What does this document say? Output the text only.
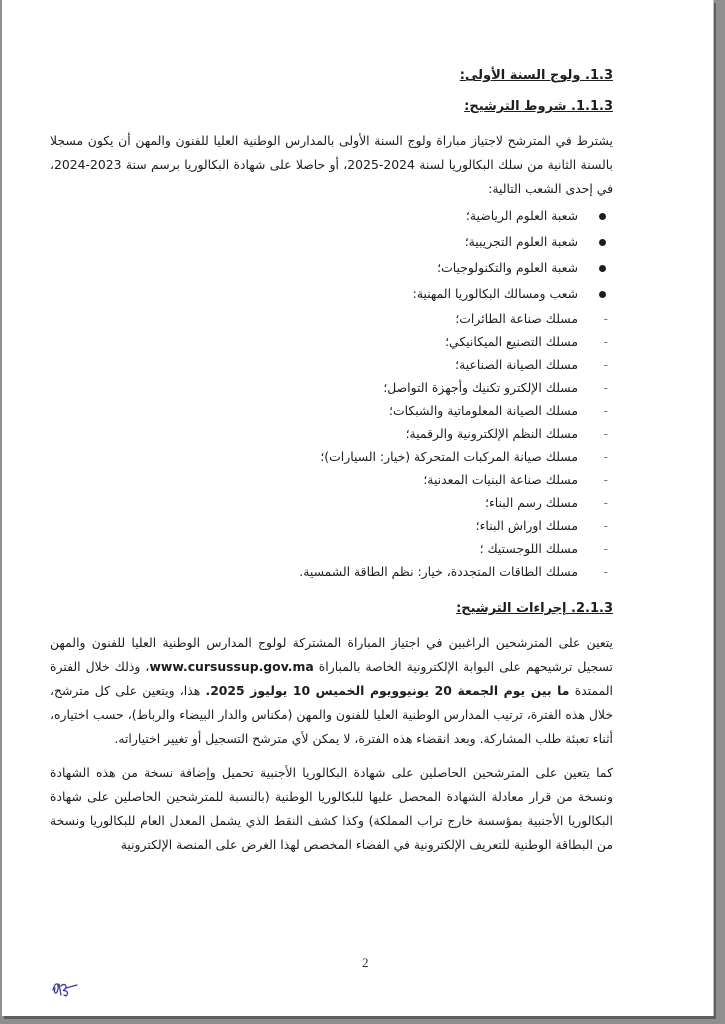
1.3. ولوج السنة الأولى:
1.1.3. شروط الترشيح:
يشترط في المترشح لاجتياز مباراة ولوج السنة الأولى بالمدارس الوطنية العليا للفنون والمهن أن يكون مسجلا بالسنة الثانية من سلك البكالوريا لسنة 2024-2025، أو حاصلا على شهادة البكالوريا برسم سنة 2023-2024، في إحدى الشعب التالية:
شعبة العلوم الرياضية؛
شعبة العلوم التجريبية؛
شعبة العلوم والتكنولوجيات؛
شعب ومسالك البكالوريا المهنية:
-
مسلك صناعة الطائرات؛
-
مسلك التصنيع الميكانيكي؛
-
مسلك الصيانة الصناعية؛
-
مسلك الإلكترو تكنيك وأجهزة التواصل؛
-
مسلك الصيانة المعلوماتية والشبكات؛
-
مسلك النظم الإلكترونية والرقمية؛
-
مسلك صيانة المركبات المتحركة (خيار: السيارات)؛
-
مسلك صناعة البنيات المعدنية؛
-
مسلك رسم البناء؛
-
مسلك اوراش البناء؛
-
مسلك اللوجستيك ؛
-
مسلك الطاقات المتجددة، خيار: نظم الطاقة الشمسية.
2.1.3. إجراءات الترشيح:
يتعين على المترشحين الراغبين في اجتياز المباراة المشتركة لولوج المدارس الوطنية العليا للفنون والمهن تسجيل ترشيحهم على البوابة الإلكترونية الخاصة بالمباراة www.cursussup.gov.ma، وذلك خلال الفترة الممتدة ما بين يوم الجمعة 20 يونيوويوم الخميس 10 يوليوز 2025. هذا، ويتعين على كل مترشح، خلال هذه الفترة، ترتيب المدارس الوطنية العليا للفنون والمهن (مكناس والدار البيضاء والرباط)، حسب اختياره، أثناء تعبئة طلب المشاركة. وبعد انقضاء هذه الفترة، لا يمكن لأي مترشح التسجيل أو تغيير اختياراته.
كما يتعين على المترشحين الحاصلين على شهادة البكالوريا الأجنبية تحميل وإضافة نسخة من هذه الشهادة ونسخة من قرار معادلة الشهادة المحصل عليها للبكالوريا الوطنية (بالنسبة للمترشحين الحاصلين على شهادة البكالوريا الأجنبية بمؤسسة خارج تراب المملكة) وكذا كشف النقط الذي يشمل المعدل العام للبكالوريا ونسخة من البطاقة الوطنية للتعريف الإلكترونية في الفضاء المخصص لهذا الغرض على المنصة الإلكترونية
2
